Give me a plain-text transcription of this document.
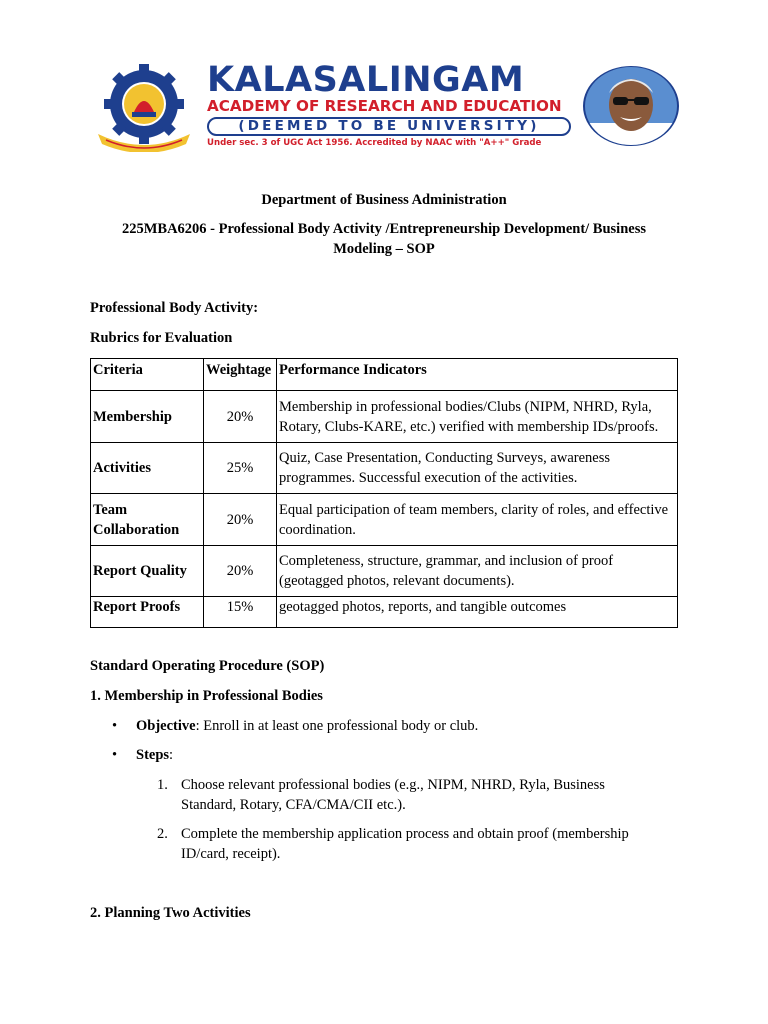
KALASALINGAM
ACADEMY OF RESEARCH AND EDUCATION
(DEEMED TO BE UNIVERSITY)
Under sec. 3 of UGC Act 1956. Accredited by NAAC with "A++" Grade
Department of Business Administration
225MBA6206 - Professional Body Activity /Entrepreneurship Development/ Business
Modeling – SOP
Professional Body Activity:
Rubrics for Evaluation
Criteria	Weightage	Performance Indicators
Membership	20%	Membership in professional bodies/Clubs (NIPM, NHRD, Ryla, Rotary, Clubs-KARE, etc.) verified with membership IDs/proofs.
Activities	25%	Quiz, Case Presentation, Conducting Surveys, awareness programmes. Successful execution of the activities.
Team Collaboration	20%	Equal participation of team members, clarity of roles, and effective coordination.
Report Quality	20%	Completeness, structure, grammar, and inclusion of proof (geotagged photos, relevant documents).
Report Proofs	15%	geotagged photos, reports, and tangible outcomes
Standard Operating Procedure (SOP)
1. Membership in Professional Bodies
• Objective: Enroll in at least one professional body or club.
• Steps:
1. Choose relevant professional bodies (e.g., NIPM, NHRD, Ryla, Business Standard, Rotary, CFA/CMA/CII etc.).
2. Complete the membership application process and obtain proof (membership ID/card, receipt).
2. Planning Two Activities
